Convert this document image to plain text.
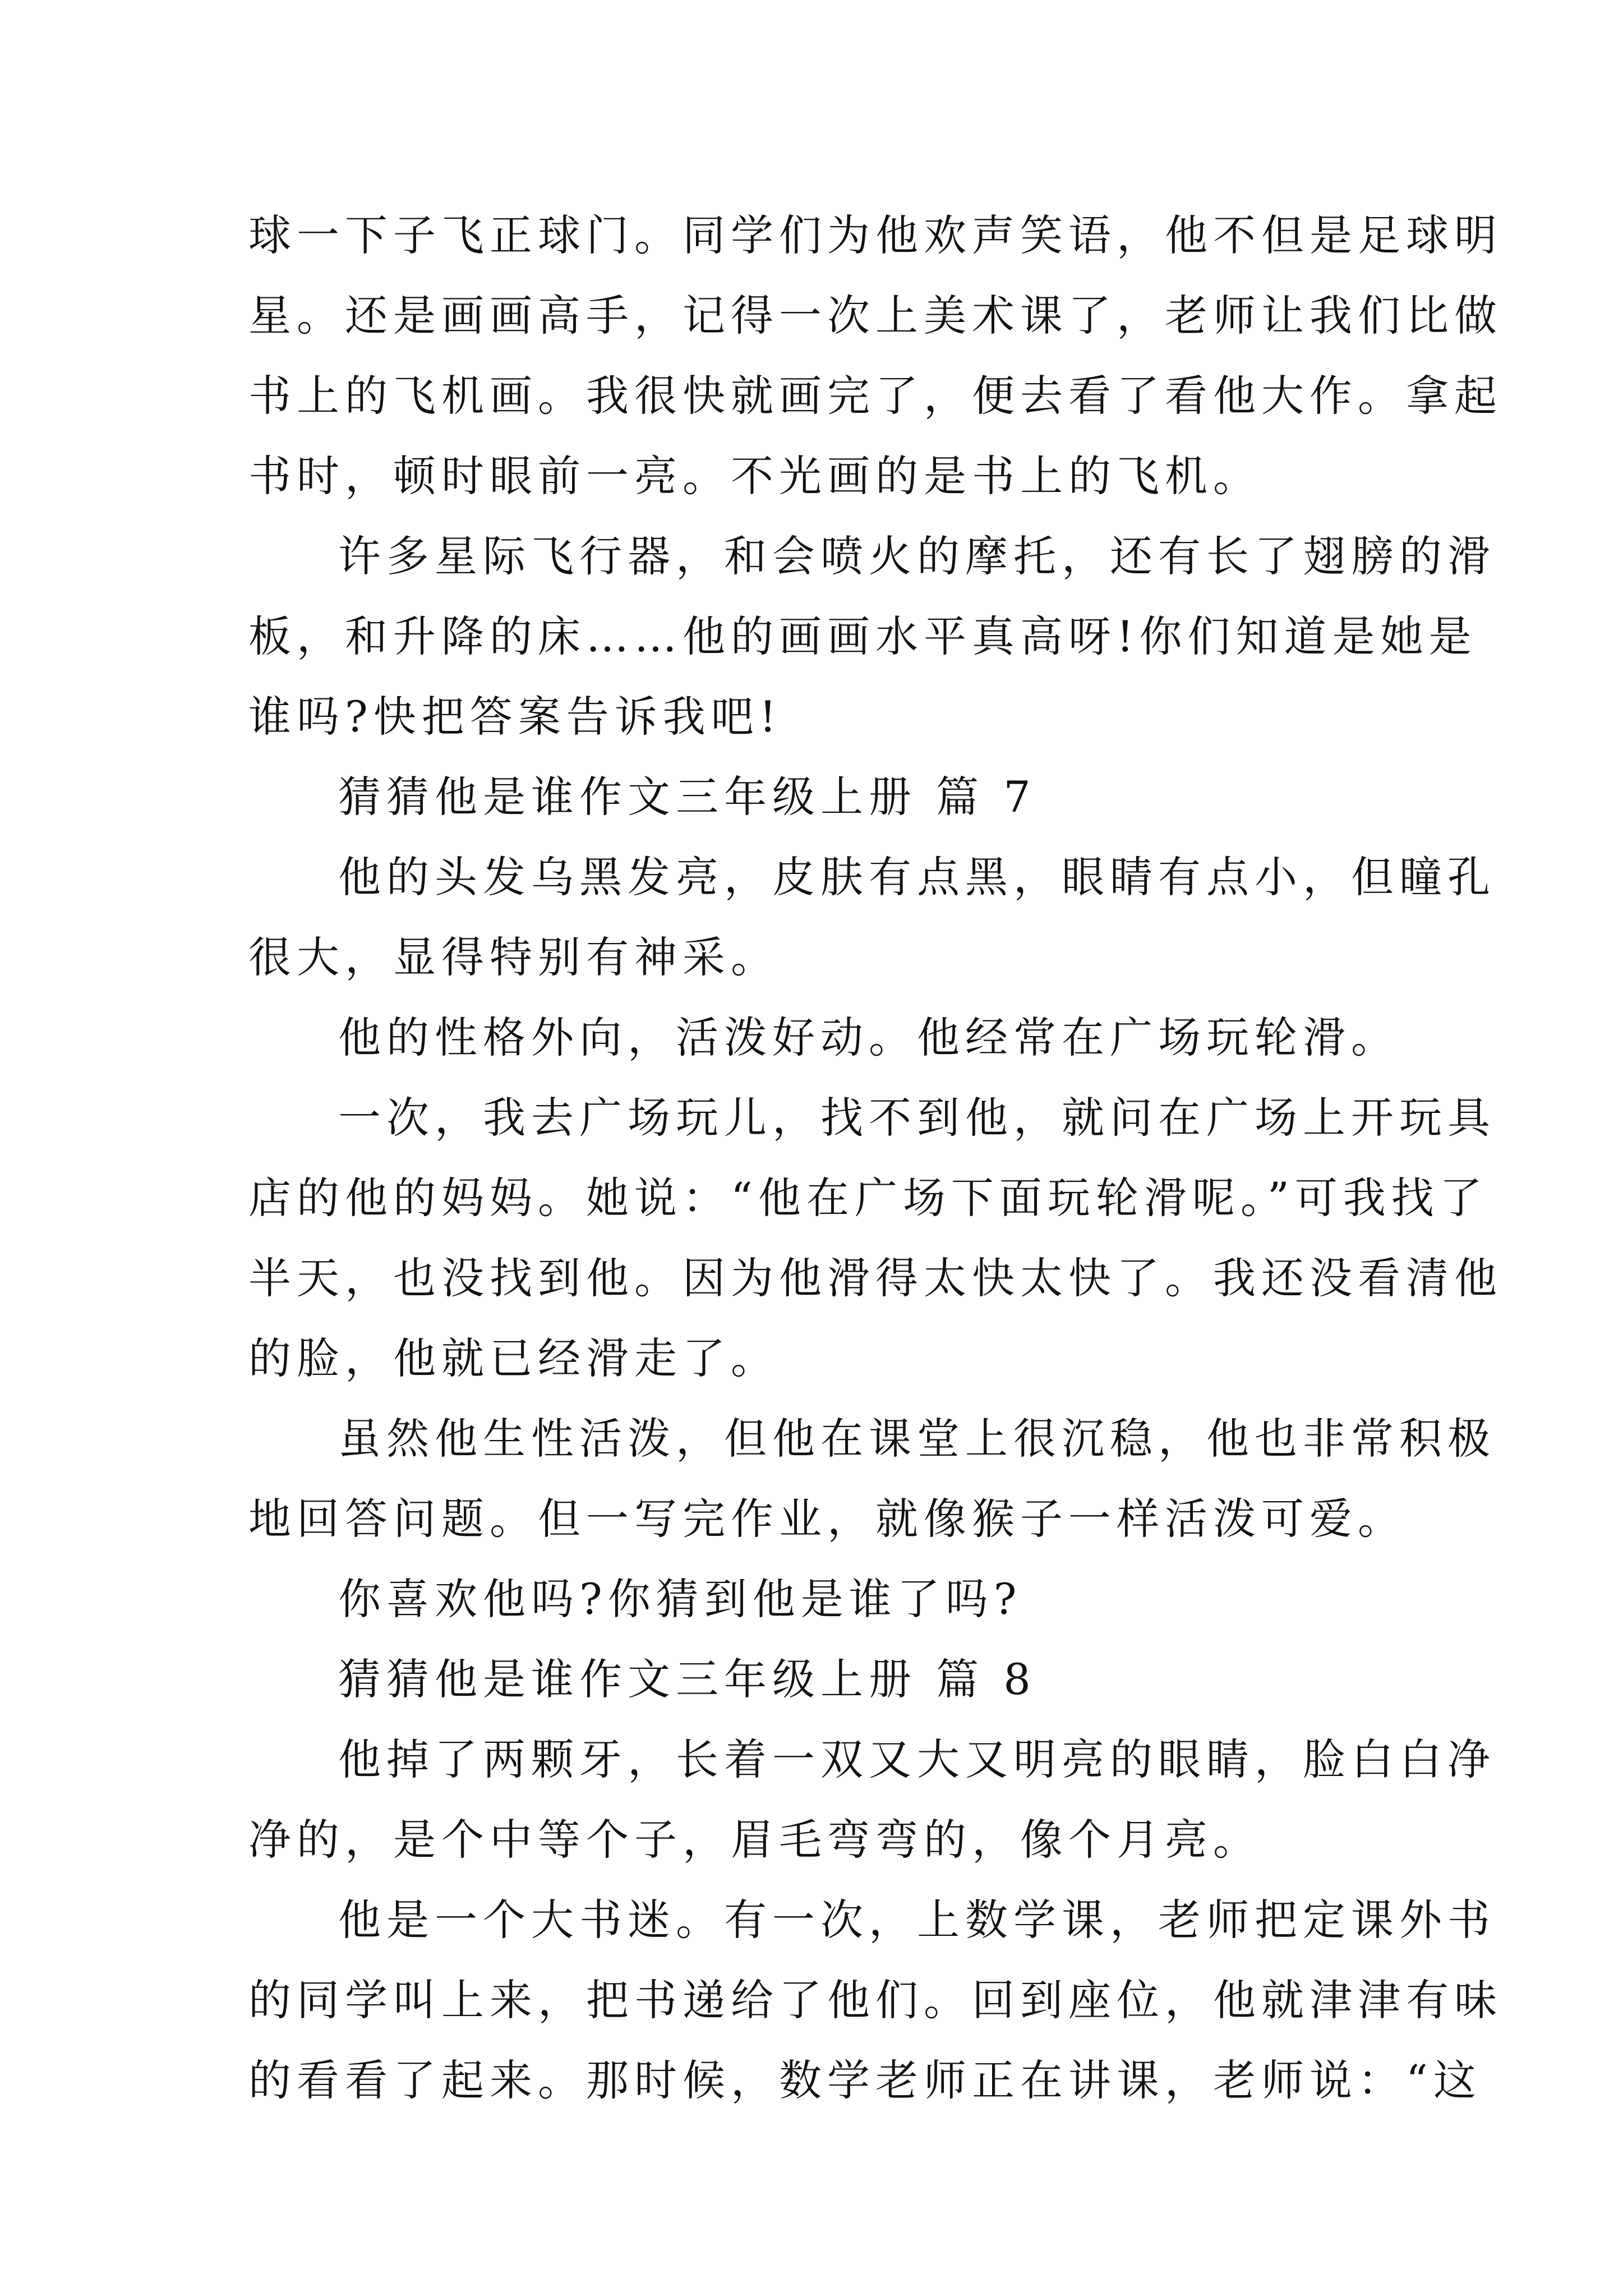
球一下子飞正球门。同学们为他欢声笑语，他不但是足球明

星。还是画画高手，记得一次上美术课了，老师让我们比做

书上的飞机画。我很快就画完了，便去看了看他大作。拿起

书时，顿时眼前一亮。不光画的是书上的飞机。

许多星际飞行器，和会喷火的摩托，还有长了翅膀的滑

板，和升降的床……他的画画水平真高呀!你们知道是她是

谁吗?快把答案告诉我吧!

猜猜他是谁作文三年级上册 篇 7

他的头发乌黑发亮，皮肤有点黑，眼睛有点小，但瞳孔

很大，显得特别有神采。

他的性格外向，活泼好动。他经常在广场玩轮滑。

一次，我去广场玩儿，找不到他，就问在广场上开玩具

店的他的妈妈。她说：“他在广场下面玩轮滑呢。”可我找了

半天，也没找到他。因为他滑得太快太快了。我还没看清他

的脸，他就已经滑走了。

虽然他生性活泼，但他在课堂上很沉稳，他也非常积极

地回答问题。但一写完作业，就像猴子一样活泼可爱。

你喜欢他吗?你猜到他是谁了吗?

猜猜他是谁作文三年级上册 篇 8

他掉了两颗牙，长着一双又大又明亮的眼睛，脸白白净

净的，是个中等个子，眉毛弯弯的，像个月亮。

他是一个大书迷。有一次，上数学课，老师把定课外书

的同学叫上来，把书递给了他们。回到座位，他就津津有味

的看看了起来。那时候，数学老师正在讲课，老师说：“这
